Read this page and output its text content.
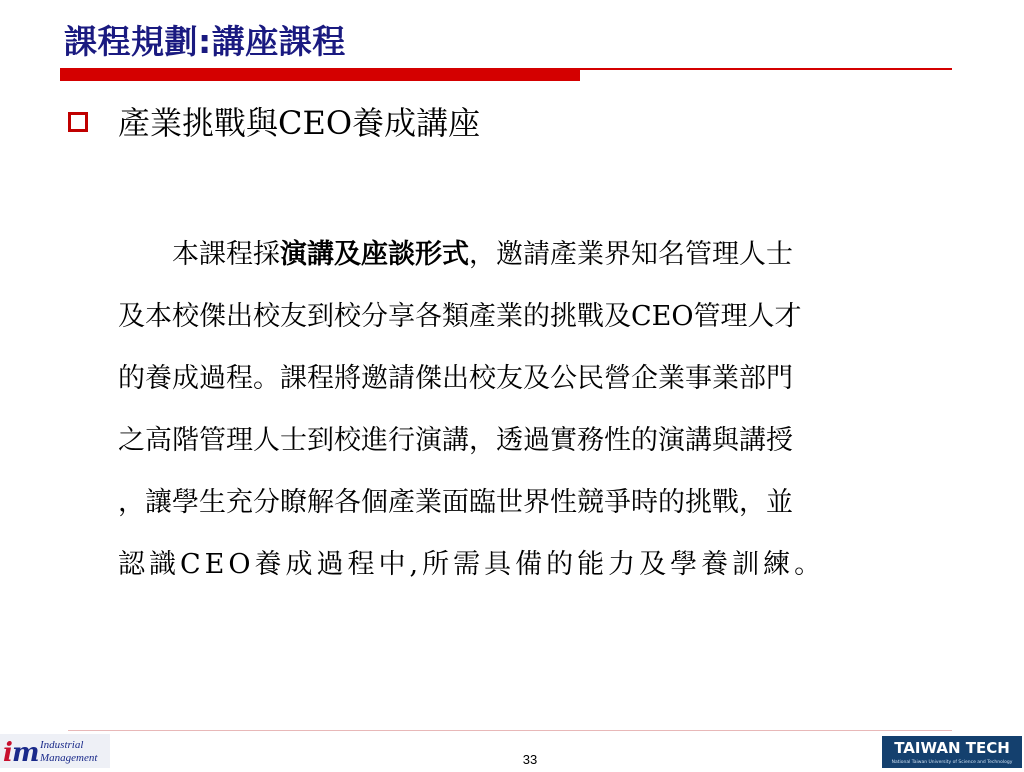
課程規劃:講座課程
產業挑戰與CEO養成講座
本課程採演講及座談形式，邀請產業界知名管理人士
及本校傑出校友到校分享各類產業的挑戰及CEO管理人才
的養成過程。課程將邀請傑出校友及公民營企業事業部門
之高階管理人士到校進行演講，透過實務性的演講與講授
，讓學生充分瞭解各個產業面臨世界性競爭時的挑戰，並
認識CEO養成過程中,所需具備的能力及學養訓練。
i m Industrial
Management	33
TAIWAN TECH
National Taiwan University of Science and Technology
